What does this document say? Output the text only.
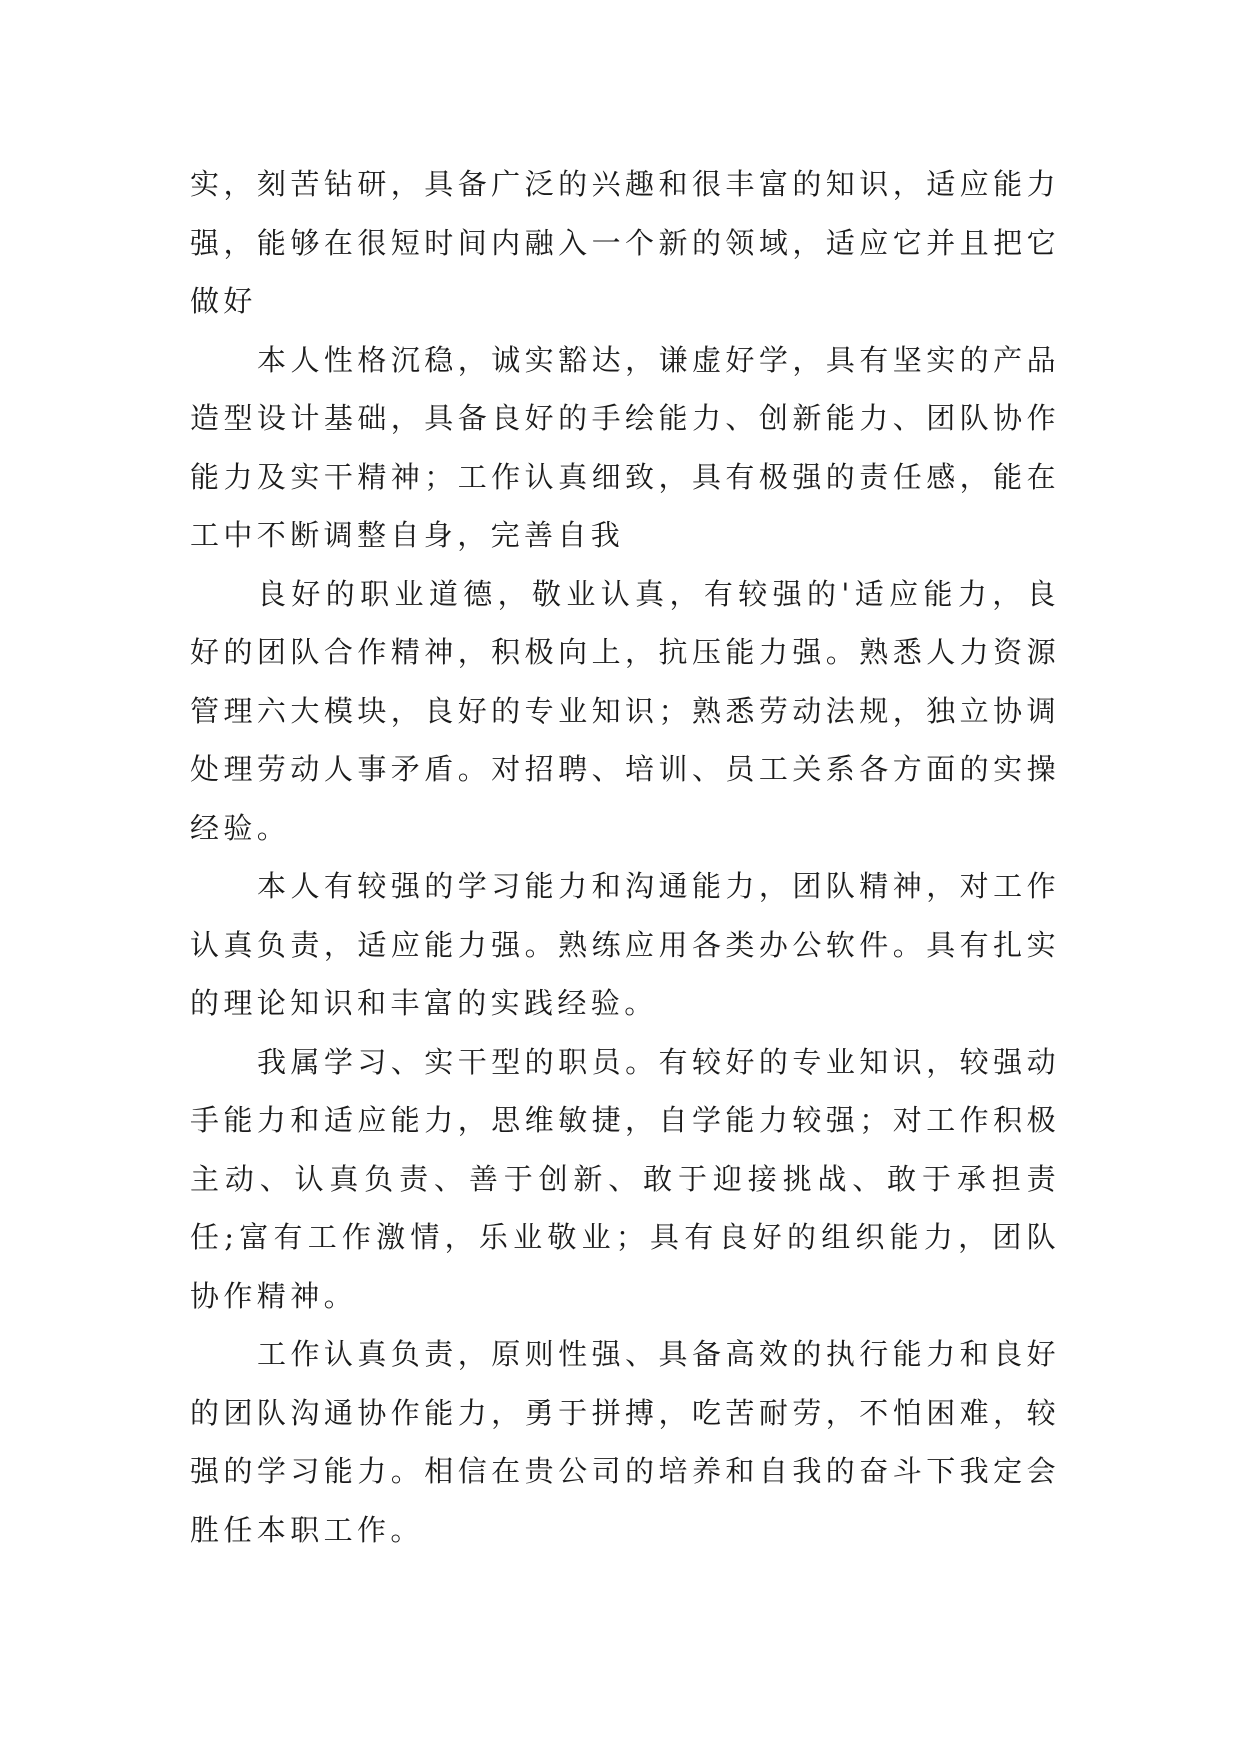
实，刻苦钻研，具备广泛的兴趣和很丰富的知识，适应能力强，能够在很短时间内融入一个新的领域，适应它并且把它做好

本人性格沉稳，诚实豁达，谦虚好学，具有坚实的产品造型设计基础，具备良好的手绘能力、创新能力、团队协作能力及实干精神；工作认真细致，具有极强的责任感，能在工中不断调整自身，完善自我

良好的职业道德，敬业认真，有较强的'适应能力，良好的团队合作精神，积极向上，抗压能力强。熟悉人力资源管理六大模块，良好的专业知识；熟悉劳动法规，独立协调处理劳动人事矛盾。对招聘、培训、员工关系各方面的实操经验。

本人有较强的学习能力和沟通能力，团队精神，对工作认真负责，适应能力强。熟练应用各类办公软件。具有扎实的理论知识和丰富的实践经验。

我属学习、实干型的职员。有较好的专业知识，较强动手能力和适应能力，思维敏捷，自学能力较强；对工作积极主动、认真负责、善于创新、敢于迎接挑战、敢于承担责任;富有工作激情，乐业敬业；具有良好的组织能力，团队协作精神。

工作认真负责，原则性强、具备高效的执行能力和良好的团队沟通协作能力，勇于拼搏，吃苦耐劳，不怕困难，较强的学习能力。相信在贵公司的培养和自我的奋斗下我定会胜任本职工作。
